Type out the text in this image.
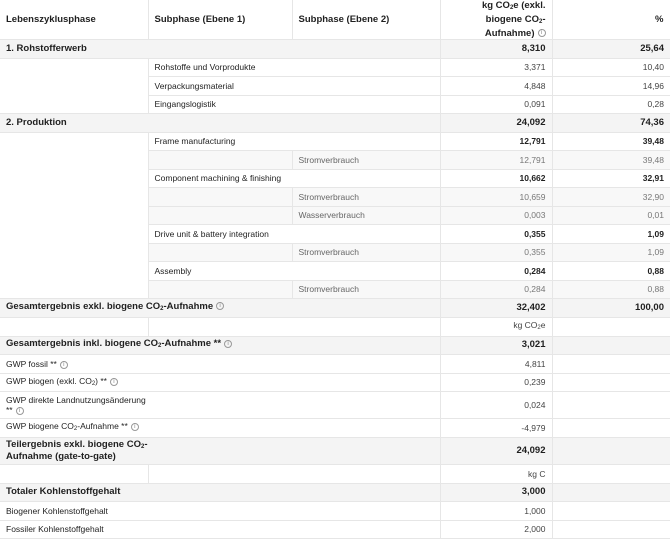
Lebenszyklusphase	Subphase (Ebene 1)	Subphase (Ebene 2)	kg $CO_2e$ (exkl. biogene $CO_2-Aufnahme$) i	%
1. Rohstofferwerb			8,310	25,64
	Rohstoffe und Vorprodukte		3,371	10,40
	Verpackungsmaterial		4,848	14,96
	Eingangslogistik		0,091	0,28
2. Produktion			24,092	74,36
	Frame manufacturing		12,791	39,48
		Stromverbrauch	12,791	39,48
	Component machining & finishing		10,662	32,91
		Stromverbrauch	10,659	32,90
		Wasserverbrauch	0,003	0,01
	Drive unit & battery integration		0,355	1,09
		Stromverbrauch	0,355	1,09
	Assembly		0,284	0,88
		Stromverbrauch	0,284	0,88
Gesamtergebnis exkl. biogene $CO_2$-Aufnahme i			32,402	100,00
			kg $CO_2e$	
Gesamtergebnis inkl. biogene $CO_2$-Aufnahme ** i			3,021	
GWP fossil ** i			4,811	
GWP biogen (exkl. $CO_2$) ** i			0,239	
GWP direkte Landnutzungsänderung
** i			0,024	
GWP biogene $CO_2$-Aufnahme ** i			-4,979	
Teilergebnis exkl. biogene $CO_2-$
Aufnahme (gate-to-gate)			24,092	
			kg C	
Totaler Kohlenstoffgehalt			3,000	
Biogener Kohlenstoffgehalt			1,000	
Fossiler Kohlenstoffgehalt			2,000	
